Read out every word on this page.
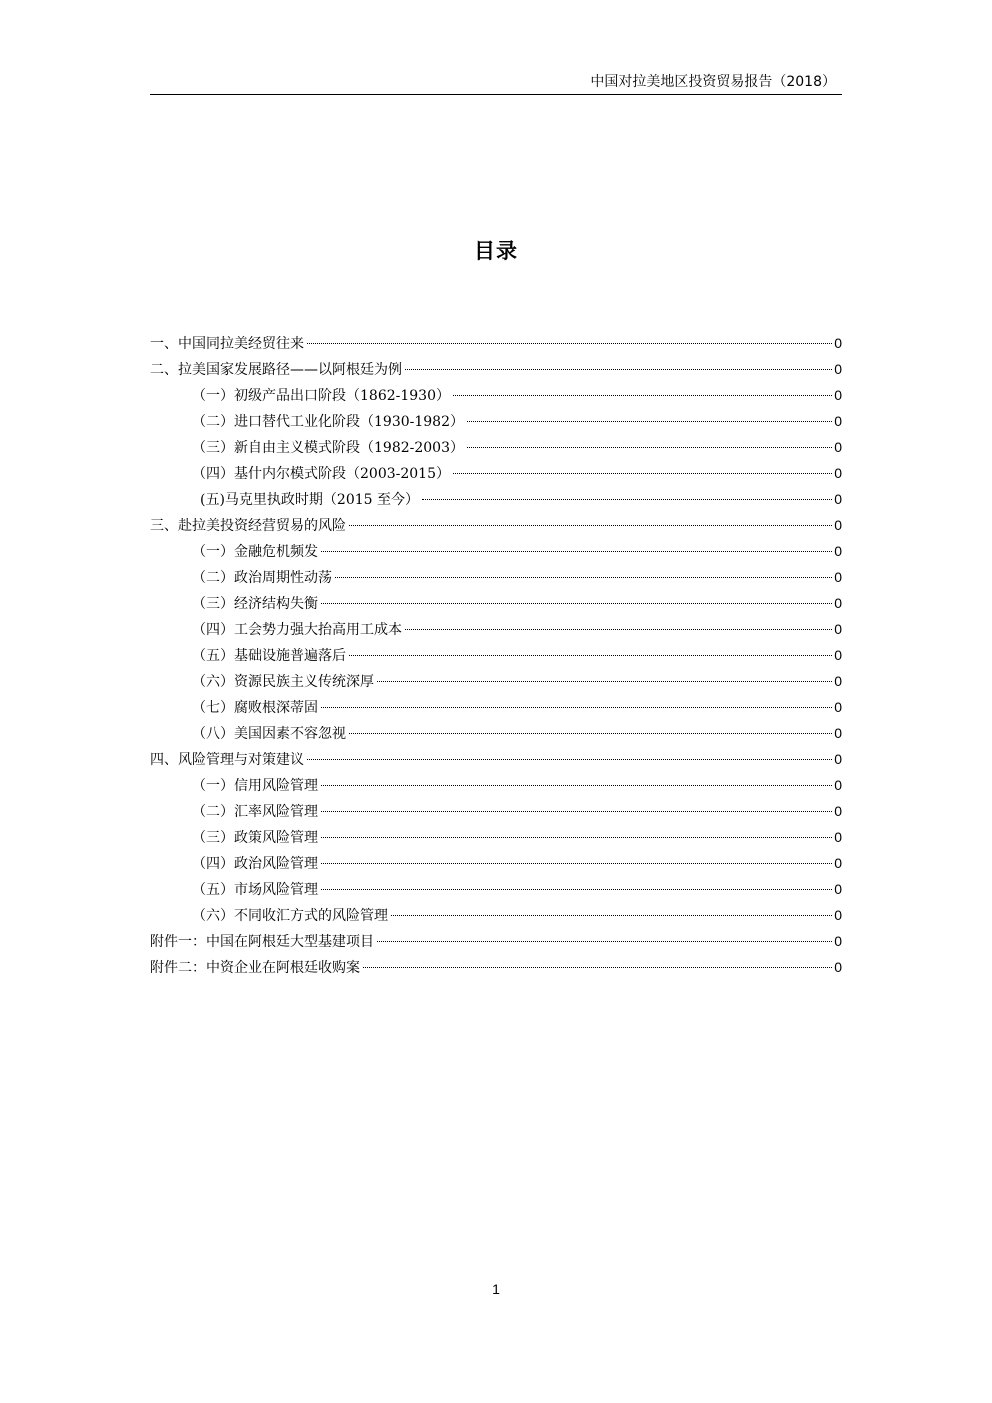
中国对拉美地区投资贸易报告（2018）
目录
一、中国同拉美经贸往来	0
二、拉美国家发展路径——以阿根廷为例	0
（一）初级产品出口阶段（1862-1930）	0
（二）进口替代工业化阶段（1930-1982）	0
（三）新自由主义模式阶段（1982-2003）	0
（四）基什内尔模式阶段（2003-2015）	0
(五)马克里执政时期（2015 至今）	0
三、赴拉美投资经营贸易的风险	0
（一）金融危机频发	0
（二）政治周期性动荡	0
（三）经济结构失衡	0
（四）工会势力强大抬高用工成本	0
（五）基础设施普遍落后	0
（六）资源民族主义传统深厚	0
（七）腐败根深蒂固	0
（八）美国因素不容忽视	0
四、风险管理与对策建议	0
（一）信用风险管理	0
（二）汇率风险管理	0
（三）政策风险管理	0
（四）政治风险管理	0
（五）市场风险管理	0
（六）不同收汇方式的风险管理	0
附件一：中国在阿根廷大型基建项目	0
附件二：中资企业在阿根廷收购案	0
1
